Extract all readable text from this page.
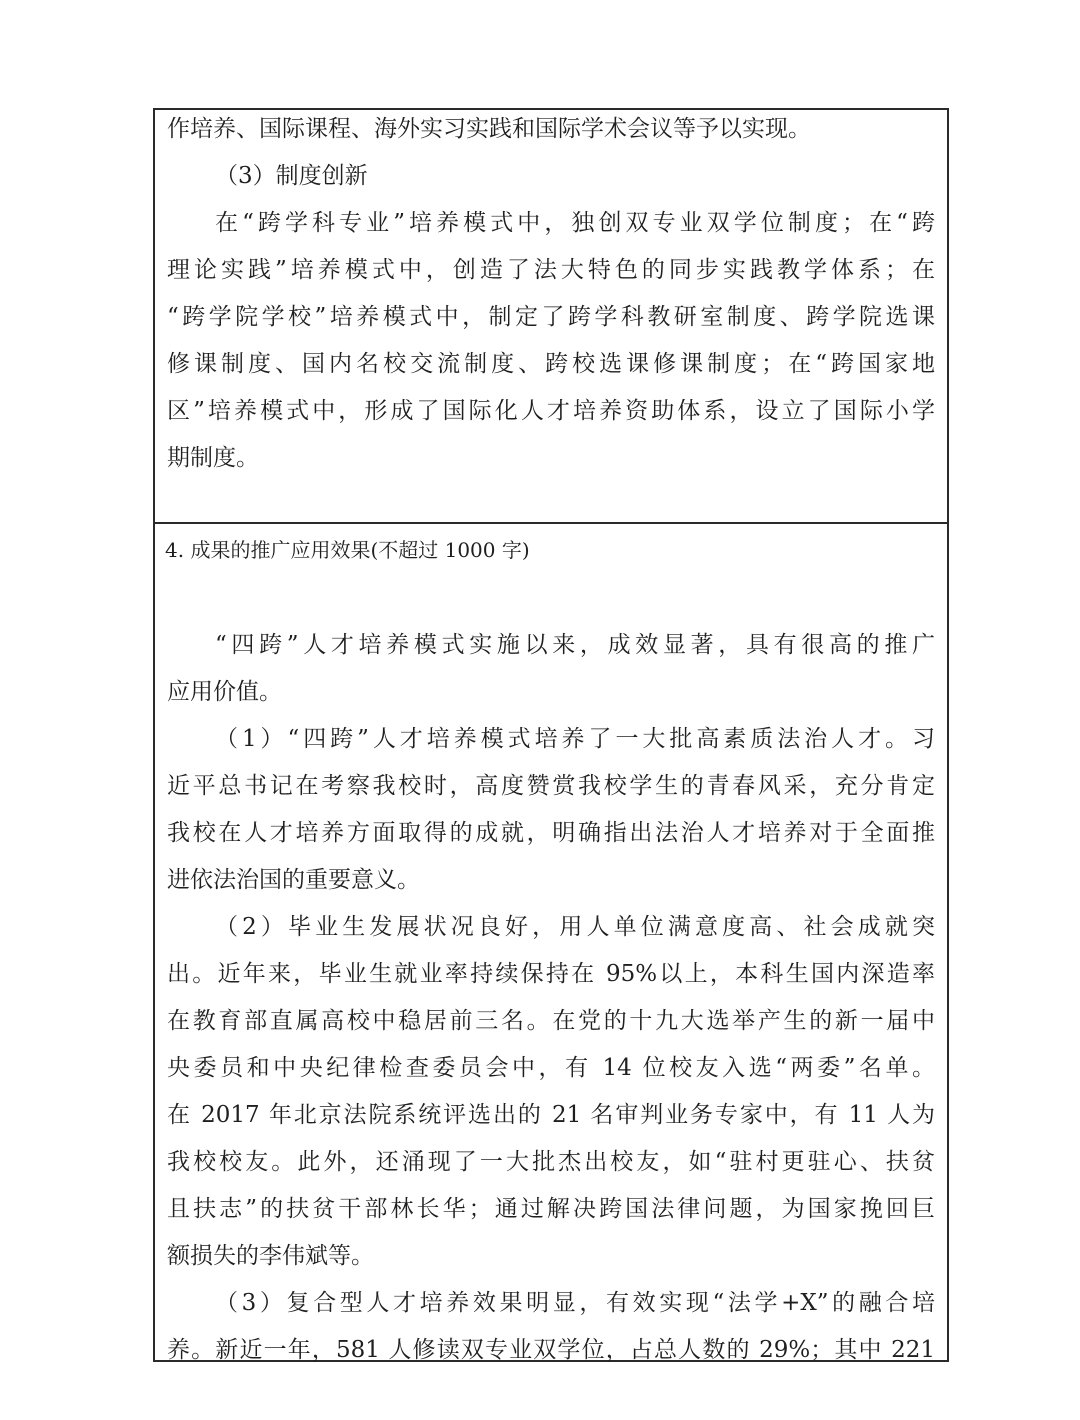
作培养、国际课程、海外实习实践和国际学术会议等予以实现。
（3）制度创新
在“跨学科专业”培养模式中，独创双专业双学位制度；在“跨
理论实践”培养模式中，创造了法大特色的同步实践教学体系；在
“跨学院学校”培养模式中，制定了跨学科教研室制度、跨学院选课
修课制度、国内名校交流制度、跨校选课修课制度；在“跨国家地
区”培养模式中，形成了国际化人才培养资助体系，设立了国际小学
期制度。
4. 成果的推广应用效果(不超过 1000 字)
“四跨”人才培养模式实施以来，成效显著，具有很高的推广
应用价值。
（1）“四跨”人才培养模式培养了一大批高素质法治人才。习
近平总书记在考察我校时，高度赞赏我校学生的青春风采，充分肯定
我校在人才培养方面取得的成就，明确指出法治人才培养对于全面推
进依法治国的重要意义。
（2）毕业生发展状况良好，用人单位满意度高、社会成就突
出。近年来，毕业生就业率持续保持在 95%以上，本科生国内深造率
在教育部直属高校中稳居前三名。在党的十九大选举产生的新一届中
央委员和中央纪律检查委员会中，有 14 位校友入选“两委”名单。
在 2017 年北京法院系统评选出的 21 名审判业务专家中，有 11 人为
我校校友。此外，还涌现了一大批杰出校友，如“驻村更驻心、扶贫
且扶志”的扶贫干部林长华；通过解决跨国法律问题，为国家挽回巨
额损失的李伟斌等。
（3）复合型人才培养效果明显，有效实现“法学+X”的融合培
养。新近一年，581 人修读双专业双学位，占总人数的 29%；其中 221
